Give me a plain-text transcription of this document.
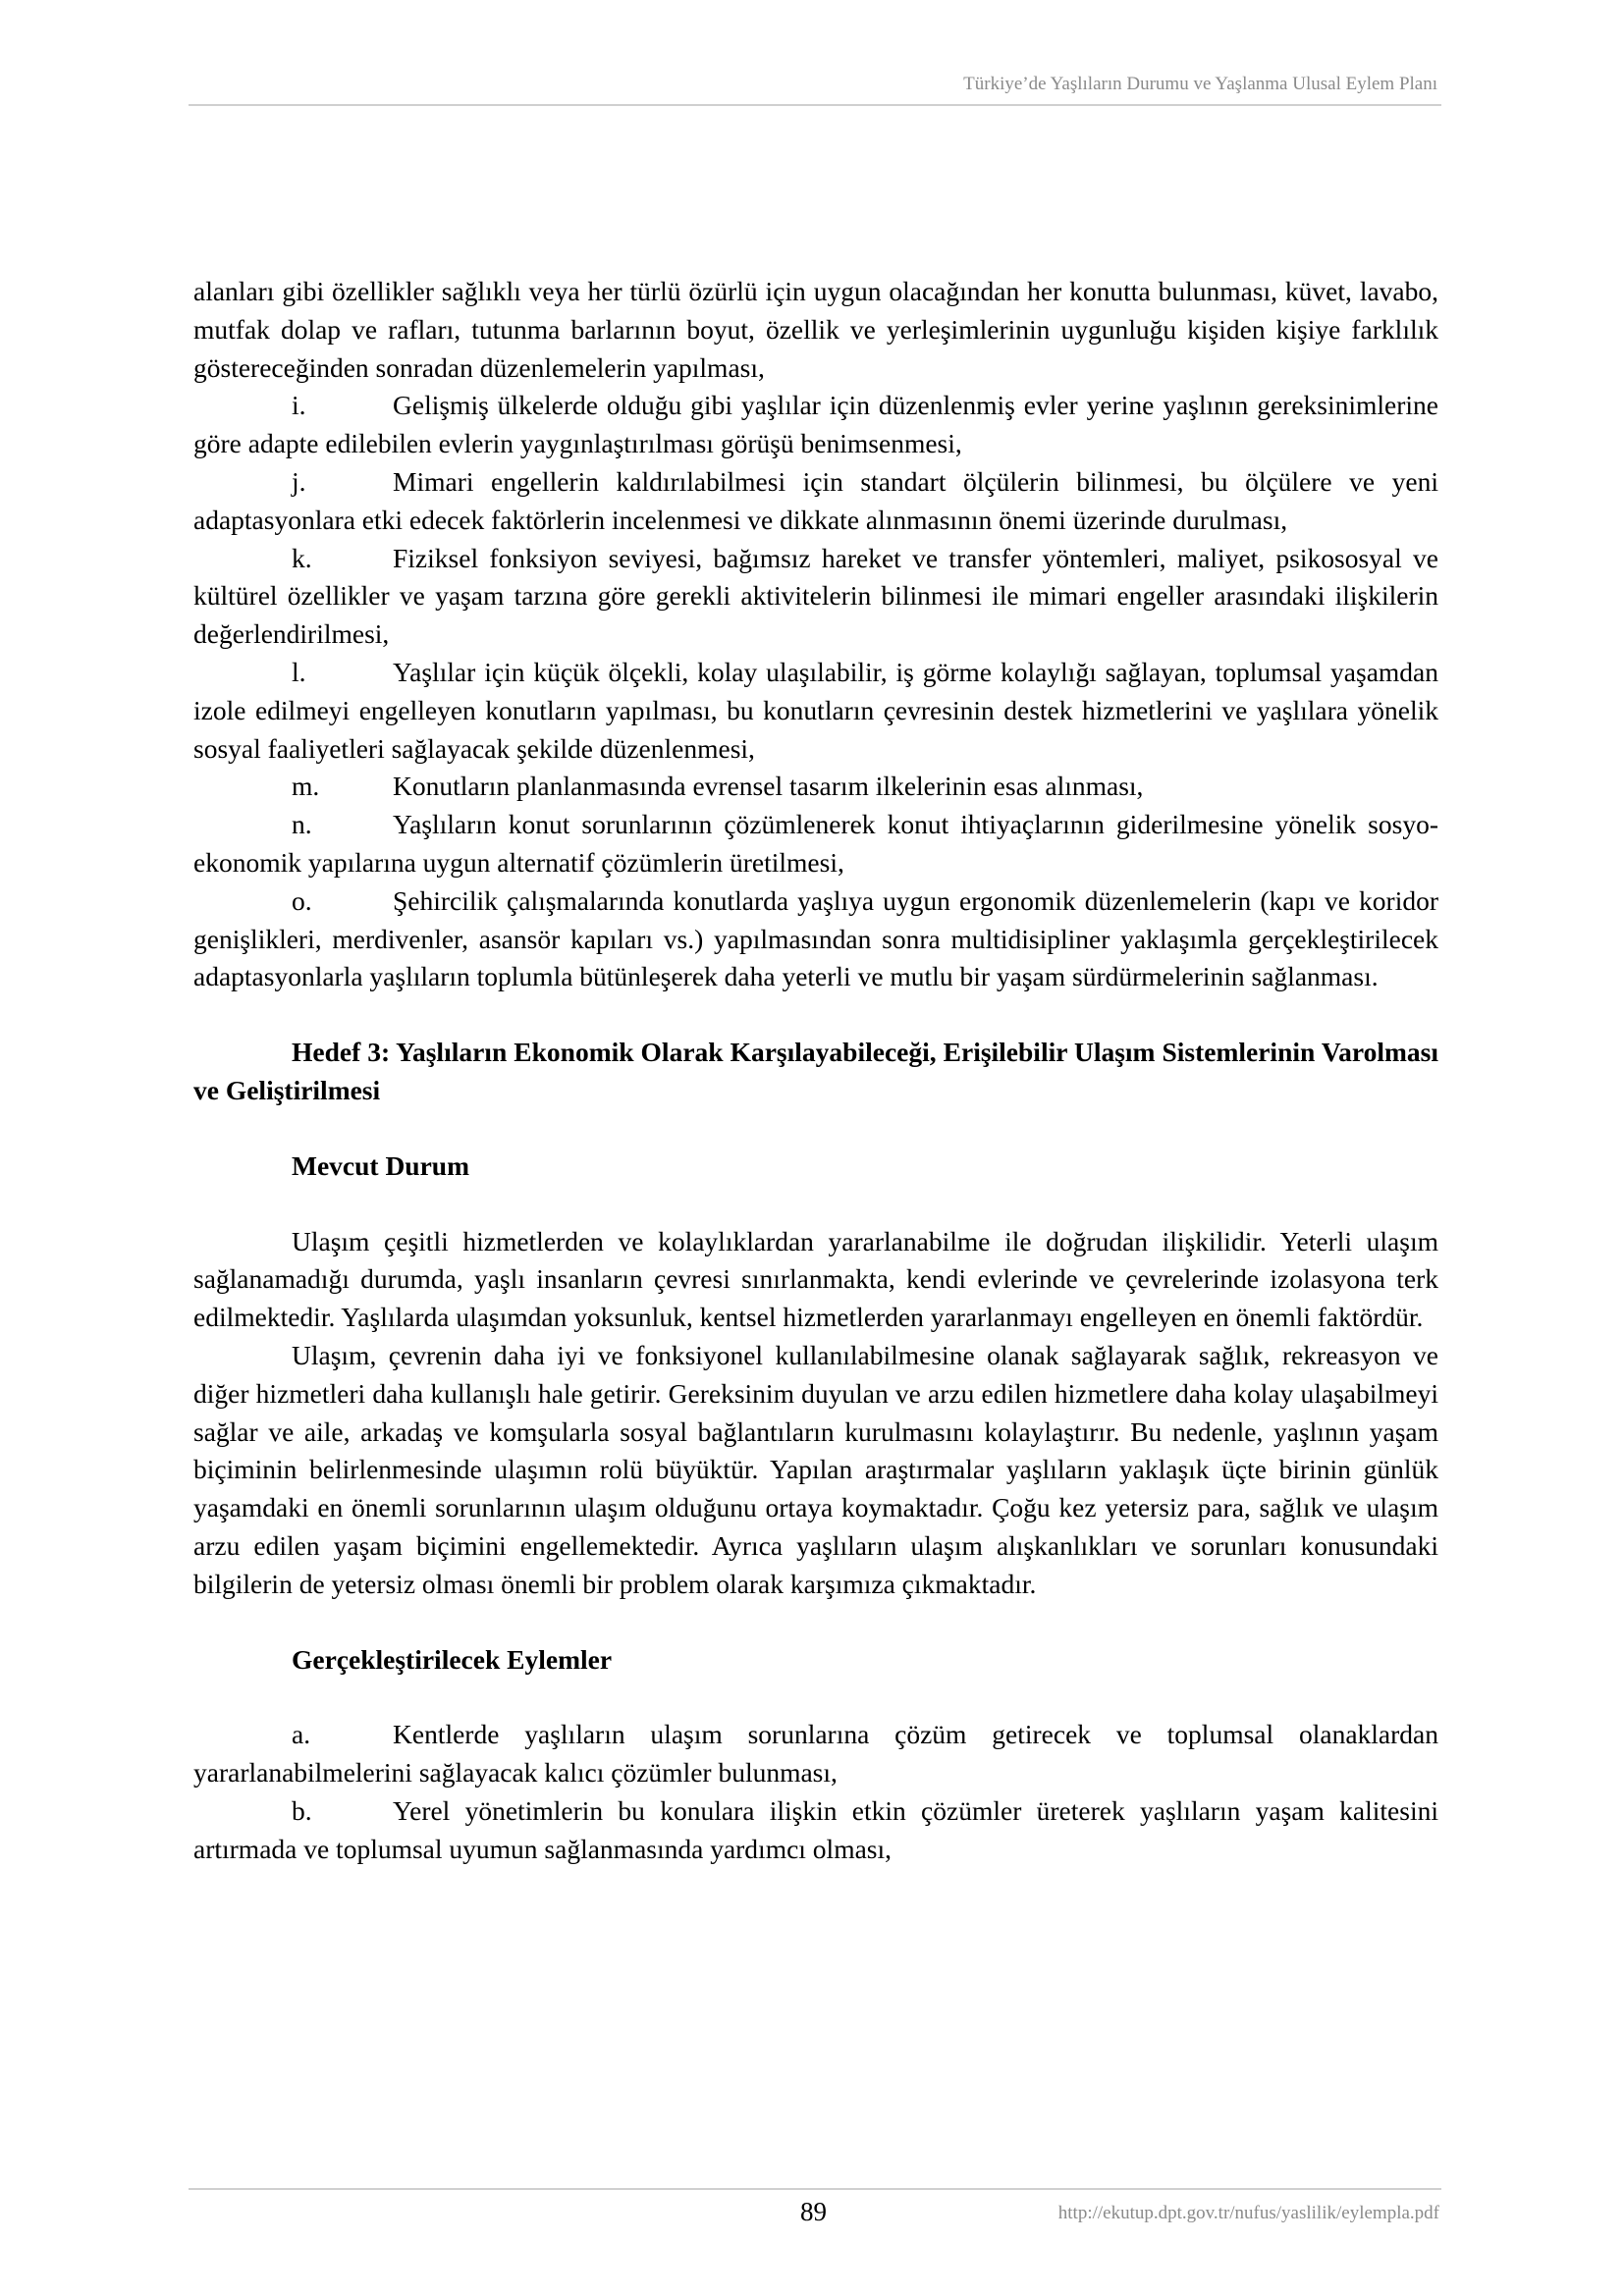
Türkiye’de Yaşlıların Durumu ve Yaşlanma Ulusal Eylem Planı

alanları gibi özellikler sağlıklı veya her türlü özürlü için uygun olacağından her konutta bulunması, küvet, lavabo, mutfak dolap ve rafları, tutunma barlarının boyut, özellik ve yerleşimlerinin uygunluğu kişiden kişiye farklılık göstereceğinden sonradan düzenlemelerin yapılması,

i.	Gelişmiş ülkelerde olduğu gibi yaşlılar için düzenlenmiş evler yerine yaşlının gereksinimlerine göre adapte edilebilen evlerin yaygınlaştırılması görüşü benimsenmesi,

j.	Mimari engellerin kaldırılabilmesi için standart ölçülerin bilinmesi, bu ölçülere ve yeni adaptasyonlara etki edecek faktörlerin incelenmesi ve dikkate alınmasının önemi üzerinde durulması,

k.	Fiziksel fonksiyon seviyesi, bağımsız hareket ve transfer yöntemleri, maliyet, psikososyal ve kültürel özellikler ve yaşam tarzına göre gerekli aktivitelerin bilinmesi ile mimari engeller arasındaki ilişkilerin değerlendirilmesi,

l.	Yaşlılar için küçük ölçekli, kolay ulaşılabilir, iş görme kolaylığı sağlayan, toplumsal yaşamdan izole edilmeyi engelleyen konutların yapılması, bu konutların çevresinin destek hizmetlerini ve yaşlılara yönelik sosyal faaliyetleri sağlayacak şekilde düzenlenmesi,

m.	Konutların planlanmasında evrensel tasarım ilkelerinin esas alınması,

n.	Yaşlıların konut sorunlarının çözümlenerek konut ihtiyaçlarının giderilmesine yönelik sosyo-ekonomik yapılarına uygun alternatif çözümlerin üretilmesi,

o.	Şehircilik çalışmalarında konutlarda yaşlıya uygun ergonomik düzenlemelerin (kapı ve koridor genişlikleri, merdivenler, asansör kapıları vs.) yapılmasından sonra multidisipliner yaklaşımla gerçekleştirilecek adaptasyonlarla yaşlıların toplumla bütünleşerek daha yeterli ve mutlu bir yaşam sürdürmelerinin sağlanması.

Hedef 3: Yaşlıların Ekonomik Olarak Karşılayabileceği, Erişilebilir Ulaşım Sistemlerinin Varolması ve Geliştirilmesi

Mevcut Durum

Ulaşım çeşitli hizmetlerden ve kolaylıklardan yararlanabilme ile doğrudan ilişkilidir. Yeterli ulaşım sağlanamadığı durumda, yaşlı insanların çevresi sınırlanmakta, kendi evlerinde ve çevrelerinde izolasyona terk edilmektedir. Yaşlılarda ulaşımdan yoksunluk, kentsel hizmetlerden yararlanmayı engelleyen en önemli faktördür.

Ulaşım, çevrenin daha iyi ve fonksiyonel kullanılabilmesine olanak sağlayarak sağlık, rekreasyon ve diğer hizmetleri daha kullanışlı hale getirir. Gereksinim duyulan ve arzu edilen hizmetlere daha kolay ulaşabilmeyi sağlar ve aile, arkadaş ve komşularla sosyal bağlantıların kurulmasını kolaylaştırır. Bu nedenle, yaşlının yaşam biçiminin belirlenmesinde ulaşımın rolü büyüktür. Yapılan araştırmalar yaşlıların yaklaşık üçte birinin günlük yaşamdaki en önemli sorunlarının ulaşım olduğunu ortaya koymaktadır. Çoğu kez yetersiz para, sağlık ve ulaşım arzu edilen yaşam biçimini engellemektedir. Ayrıca yaşlıların ulaşım alışkanlıkları ve sorunları konusundaki bilgilerin de yetersiz olması önemli bir problem olarak karşımıza çıkmaktadır.

Gerçekleştirilecek Eylemler

a.	Kentlerde yaşlıların ulaşım sorunlarına çözüm getirecek ve toplumsal olanaklardan yararlanabilmelerini sağlayacak kalıcı çözümler bulunması,

b.	Yerel yönetimlerin bu konulara ilişkin etkin çözümler üreterek yaşlıların yaşam kalitesini artırmada ve toplumsal uyumun sağlanmasında yardımcı olması,

89	http://ekutup.dpt.gov.tr/nufus/yaslilik/eylempla.pdf
